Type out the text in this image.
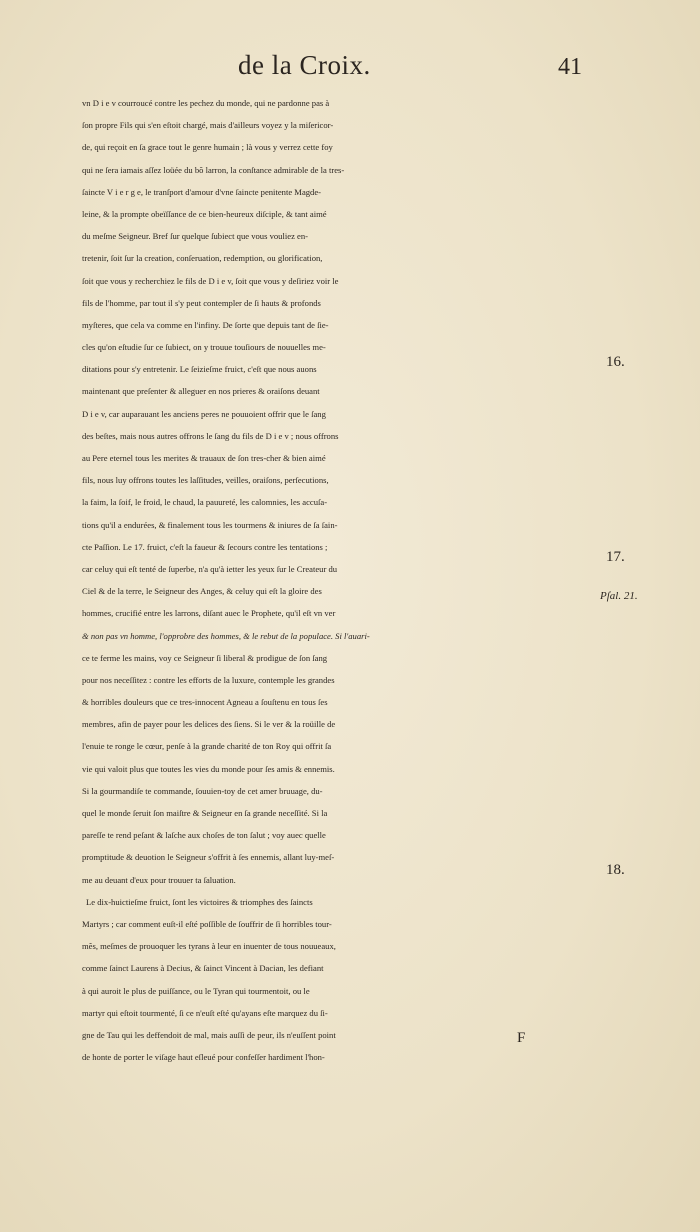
de la Croix.	41
vn D i e v courroucé contre les pechez du monde, qui ne pardonne pas à
ſon propre Fils qui s'en eſtoit chargé, mais d'ailleurs voyez y la miſericor-
de, qui reçoit en ſa grace tout le genre humain ; là vous y verrez cette foy
qui ne ſera iamais aſſez loüée du bõ larron, la conſtance admirable de la tres-
ſaincte V i e r g e, le tranſport d'amour d'vne ſaincte penitente Magde-
leine, & la prompte obeïſſance de ce bien-heureux diſciple, & tant aimé
du meſme Seigneur. Bref ſur quelque ſubiect que vous vouliez en-
tretenir, ſoit ſur la creation, conſeruation, redemption, ou glorification,
ſoit que vous y recherchiez le fils de D i e v, ſoit que vous y deſiriez voir le
fils de l'homme, par tout il s'y peut contempler de ſi hauts & profonds
myſteres, que cela va comme en l'infiny. De ſorte que depuis tant de ſie-
cles qu'on eſtudie ſur ce ſubiect, on y trouue touſiours de nouuelles me-
ditations pour s'y entretenir. Le ſeizieſme fruict, c'eſt que nous auons
maintenant que preſenter & alleguer en nos prieres & oraiſons deuant
D i e v, car auparauant les anciens peres ne pouuoient offrir que le ſang
des beſtes, mais nous autres offrons le ſang du fils de D i e v ; nous offrons
au Pere eternel tous les merites & trauaux de ſon tres-cher & bien aimé
fils, nous luy offrons toutes les laſſitudes, veilles, oraiſons, perſecutions,
la faim, la ſoif, le froid, le chaud, la pauureté, les calomnies, les accuſa-
tions qu'il a endurées, & finalement tous les tourmens & iniures de ſa ſain-
cte Paſſion. Le 17. fruict, c'eſt la faueur & ſecours contre les tentations ;
car celuy qui eſt tenté de ſuperbe, n'a qu'à ietter les yeux ſur le Createur du
Ciel & de la terre, le Seigneur des Anges, & celuy qui eſt la gloire des
hommes, crucifié entre les larrons, diſant auec le Prophete, qu'il eſt vn ver
& non pas vn homme, l'opprobre des hommes, & le rebut de la populace. Si l'auari-
ce te ferme les mains, voy ce Seigneur ſi liberal & prodigue de ſon ſang
pour nos neceſſitez : contre les efforts de la luxure, contemple les grandes
& horribles douleurs que ce tres-innocent Agneau a ſouſtenu en tous ſes
membres, afin de payer pour les delices des ſiens. Si le ver & la roüille de
l'enuie te ronge le cœur, penſe à la grande charité de ton Roy qui offrit ſa
vie qui valoit plus que toutes les vies du monde pour ſes amis & ennemis.
Si la gourmandiſe te commande, ſouuien-toy de cet amer bruuage, du-
quel le monde ſeruit ſon maiſtre & Seigneur en ſa grande neceſſité. Si la
pareſſe te rend peſant & laſche aux choſes de ton ſalut ; voy auec quelle
promptitude & deuotion le Seigneur s'offrit à ſes ennemis, allant luy-meſ-
me au deuant d'eux pour trouuer ta ſaluation.
Le dix-huictieſme fruict, ſont les victoires & triomphes des ſaincts
Martyrs ; car comment euſt-il eſté poſſible de ſouffrir de ſi horribles tour-
mẽs, meſmes de prouoquer les tyrans à leur en inuenter de tous nouueaux,
comme ſainct Laurens à Decius, & ſainct Vincent à Dacian, les defiant
à qui auroit le plus de puiſſance, ou le Tyran qui tourmentoit, ou le
martyr qui eſtoit tourmenté, ſi ce n'euſt eſté qu'ayans eſte marquez du ſi-
gne de Tau qui les deffendoit de mal, mais auſſi de peur, ils n'euſſent point
de honte de porter le viſage haut eſleué pour confeſſer hardiment l'hon-
16.
17.
Pſal. 21.
18.
F
